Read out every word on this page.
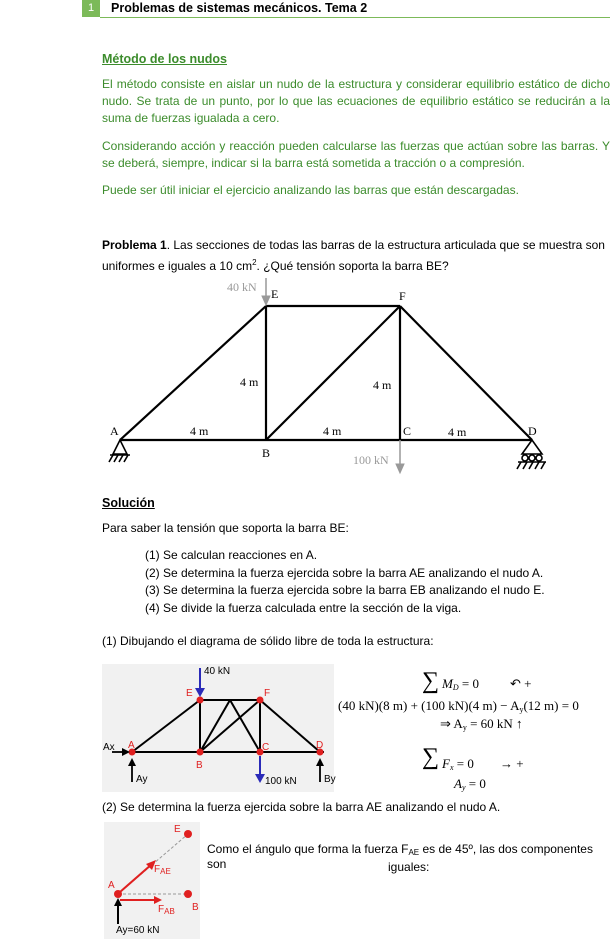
1	Problemas de sistemas mecánicos. Tema 2
Método de los nudos
El método consiste en aislar un nudo de la estructura y considerar equilibrio estático de dicho nudo. Se trata de un punto, por lo que las ecuaciones de equilibrio estático se reducirán a la suma de fuerzas igualada a cero.
Considerando acción y reacción pueden calcularse las fuerzas que actúan sobre las barras. Y se deberá, siempre, indicar si la barra está sometida a tracción o a compresión.
Puede ser útil iniciar el ejercicio analizando las barras que están descargadas.
Problema 1. Las secciones de todas las barras de la estructura articulada que se muestra son uniformes e iguales a 10 $cm^2$. ¿Qué tensión soporta la barra BE?
40 kN E	F
4 m	4 m
A	4 m	4 m	C	4 m	D
B	100 kN
Solución
Para saber la tensión que soporta la barra BE:
(1) Se calculan reacciones en A.
(2) Se determina la fuerza ejercida sobre la barra AE analizando el nudo A.
(3) Se determina la fuerza ejercida sobre la barra EB analizando el nudo E.
(4) Se divide la fuerza calculada entre la sección de la viga.
(1) Dibujando el diagrama de sólido libre de toda la estructura:
40 kN
E	F
Ax A	C	D
B
Ay	100 kN	By
∑ $M_D = 0$ ↶ +
(40 kN)(8 m) + (100 kN)(4 $m) - A_y(12$ m) = 0
⇒ $A_y = 60$ kN ↑
∑ $F_x = 0$ → +
$A_y = 0$
(2) Se determina la fuerza ejercida sobre la barra AE analizando el nudo A.
E
A
B
$F_{AE}$
$F_{AB}$
Ay=60 kN
Como el ángulo que forma la fuerza $F_{AE}$ es de 45º, las dos componentes son	iguales:
